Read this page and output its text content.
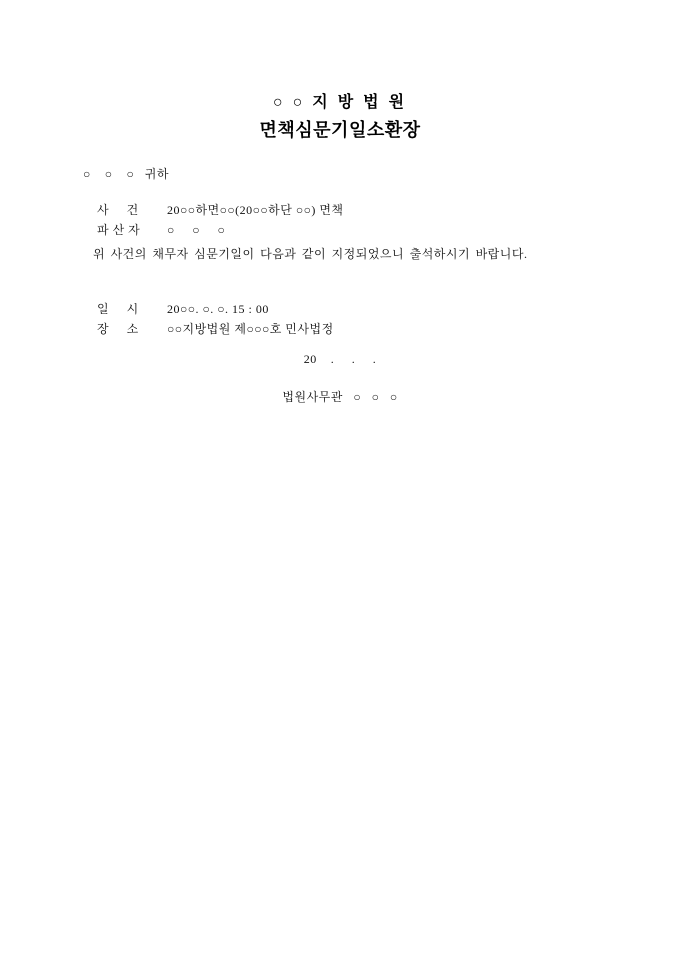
○ ○ 지 방 법 원
면책심문기일소환장
○    ○    ○   귀하

사     건 20○○하면○○(20○○하단 ○○) 면책

파 산 자 ○     ○     ○

위 사건의 채무자 심문기일이 다음과 같이 지정되었으니 출석하시기 바랍니다.

일     시 20○○. ○. ○. 15 : 00

장     소 ○○지방법원 제○○○호 민사법정

20    .     .     .
법원사무관   ○   ○   ○
